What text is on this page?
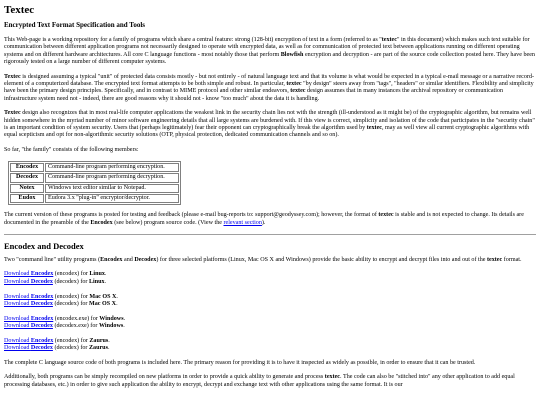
Textec
Encrypted Text Format Specification and Tools

This Web-page is a working repository for a family of programs which share a central feature: strong (128-bit) encryption of text in a form (referred to as "textec" in this document) which makes such text suitable for communication between different application programs not necessarily designed to operate with encrypted data, as well as for communication of protected text between applications running on different operating systems and on different hardware architectures. All core C language functions - most notably those that perform Blowfish encryption and decryption - are part of the source code collection posted here. They have been rigorously tested on a large number of different computer systems.

Textec is designed assuming a typical "unit" of protected data consists mostly - but not entirely - of natural language text and that its volume is what would be expected in a typical e-mail message or a narrative record-element of a computerized database. The encrypted text format attempts to be both simple and robust. In particular, textec "by design" steers away from "tags", "headers" or similar identifiers. Flexibility and simplicity have been the primary design principles. Specifically, and in contrast to MIME protocol and other similar endeavors, textec design assumes that in many instances the archival repository or communication infrastructure system need not - indeed, there are good reasons why it should not - know "too much" about the data it is handling.

Textec design also recognizes that in most real-life computer applications the weakest link in the security chain lies not with the strength (ill-understood as it might be) of the cryptographic algorithm, but remains well hidden somewhere in the myriad number of minor software engineering details that all large systems are burdened with. If this view is correct, simplicity and isolation of the code that participates in the "security chain" is an important condition of system security. Users that (perhaps legitimately) fear their opponent can cryptographically break the algorithm used by textec, may as well view all current cryptographic algorithms with equal scepticism and opt for non-algorithmic security solutions (OTP, physical protection, dedicated communication channels and so on).

So far, "the family" consists of the following members:

Encodex	Command-line program performing encryption.
Decodex	Command-line program performing decryption.
Notex	Windows text editor similar to Notepad.
Eudox	Eudora 3.x "plug-in" encryptor/decryptor.

The current version of these programs is posted for testing and feedback (please e-mail bug-reports to: support@geodyssey.com); however, the format of textec is stable and is not expected to change. Its details are documented in the preamble of the Encodex (see below) program source code. (View the relevant section).

Encodex and Decodex

Two "command line" utility programs (Encodex and Decodex) for three selected platforms (Linux, Mac OS X and Windows) provide the basic ability to encrypt and decrypt files into and out of the textec format.

Download Encodex (encodex) for Linux.
Download Decodex (decodex) for Linux.
Download Encodex (encodex) for Mac OS X.
Download Decodex (decodex) for Mac OS X.
Download Encodex (encodex.exe) for Windows.
Download Decodex (decodex.exe) for Windows.
Download Encodex (encodex) for Zaurus.
Download Decodex (decodex) for Zaurus.

The complete C language source code of both programs is included here. The primary reason for providing it is to have it inspected as widely as possible, in order to ensure that it can be trusted.

Additionally, both programs can be simply recompiled on new platforms in order to provide a quick ability to generate and process textec. The code can also be "stitched into" any other application to add equal processing databases, etc.) in order to give such application the ability to encrypt, decrypt and exchange text with other applications using the same format. It is our
